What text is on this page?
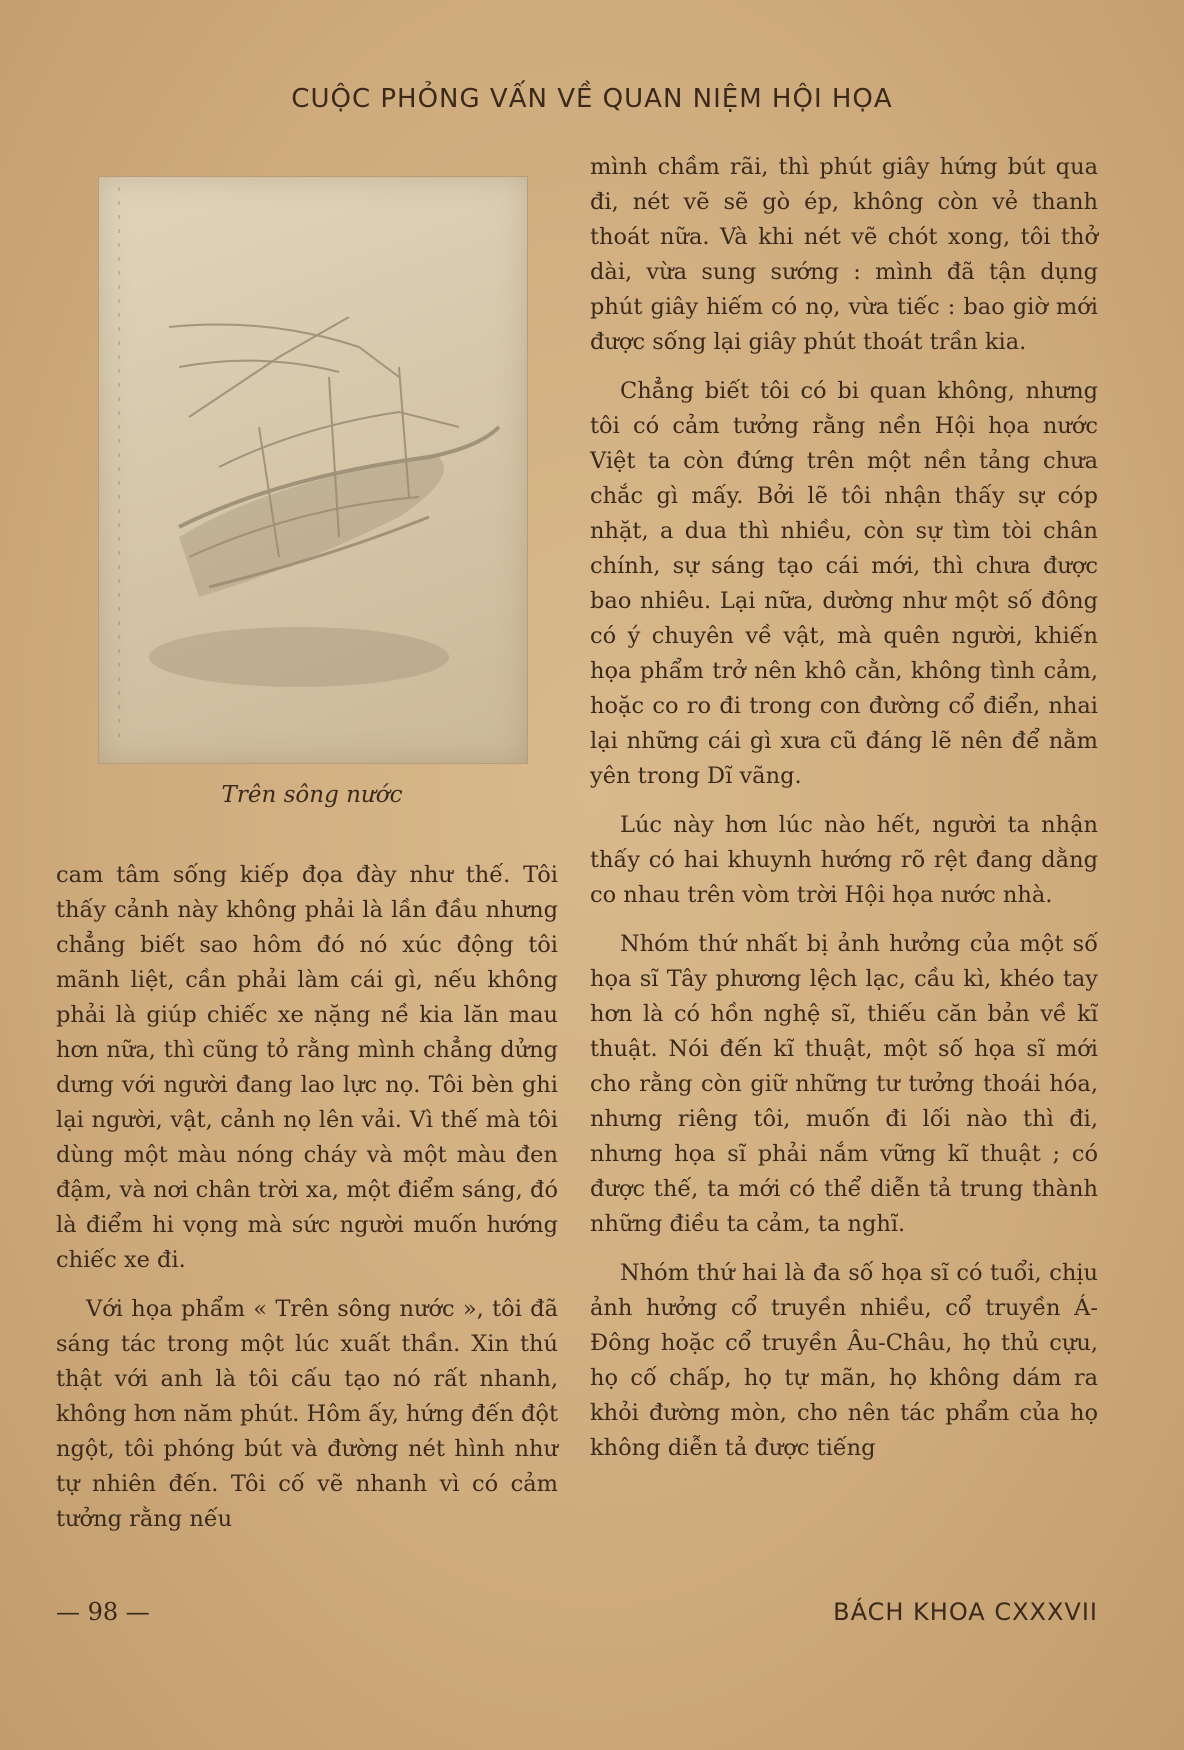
CUỘC PHỎNG VẤN VỀ QUAN NIỆM HỘI HỌA
Trên sông nước

cam tâm sống kiếp đọa đày như thế. Tôi thấy cảnh này không phải là lần đầu nhưng chẳng biết sao hôm đó nó xúc động tôi mãnh liệt, cần phải làm cái gì, nếu không phải là giúp chiếc xe nặng nề kia lăn mau hơn nữa, thì cũng tỏ rằng mình chẳng dửng dưng với người đang lao lực nọ. Tôi bèn ghi lại người, vật, cảnh nọ lên vải. Vì thế mà tôi dùng một màu nóng cháy và một màu đen đậm, và nơi chân trời xa, một điểm sáng, đó là điểm hi vọng mà sức người muốn hướng chiếc xe đi.

Với họa phẩm « Trên sông nước », tôi đã sáng tác trong một lúc xuất thần. Xin thú thật với anh là tôi cấu tạo nó rất nhanh, không hơn năm phút. Hôm ấy, hứng đến đột ngột, tôi phóng bút và đường nét hình như tự nhiên đến. Tôi cố vẽ nhanh vì có cảm tưởng rằng nếu

mình chầm rãi, thì phút giây hứng bút qua đi, nét vẽ sẽ gò ép, không còn vẻ thanh thoát nữa. Và khi nét vẽ chót xong, tôi thở dài, vừa sung sướng : mình đã tận dụng phút giây hiếm có nọ, vừa tiếc : bao giờ mới được sống lại giây phút thoát trần kia.

Chẳng biết tôi có bi quan không, nhưng tôi có cảm tưởng rằng nền Hội họa nước Việt ta còn đứng trên một nền tảng chưa chắc gì mấy. Bởi lẽ tôi nhận thấy sự cóp nhặt, a dua thì nhiều, còn sự tìm tòi chân chính, sự sáng tạo cái mới, thì chưa được bao nhiêu. Lại nữa, dường như một số đông có ý chuyên về vật, mà quên người, khiến họa phẩm trở nên khô cằn, không tình cảm, hoặc co ro đi trong con đường cổ điển, nhai lại những cái gì xưa cũ đáng lẽ nên để nằm yên trong Dĩ vãng.

Lúc này hơn lúc nào hết, người ta nhận thấy có hai khuynh hướng rõ rệt đang dằng co nhau trên vòm trời Hội họa nước nhà.

Nhóm thứ nhất bị ảnh hưởng của một số họa sĩ Tây phương lệch lạc, cầu kì, khéo tay hơn là có hồn nghệ sĩ, thiếu căn bản về kĩ thuật. Nói đến kĩ thuật, một số họa sĩ mới cho rằng còn giữ những tư tưởng thoái hóa, nhưng riêng tôi, muốn đi lối nào thì đi, nhưng họa sĩ phải nắm vững kĩ thuật ; có được thế, ta mới có thể diễn tả trung thành những điều ta cảm, ta nghĩ.

Nhóm thứ hai là đa số họa sĩ có tuổi, chịu ảnh hưởng cổ truyền nhiều, cổ truyền Á-Đông hoặc cổ truyền Âu-Châu, họ thủ cựu, họ cố chấp, họ tự mãn, họ không dám ra khỏi đường mòn, cho nên tác phẩm của họ không diễn tả được tiếng

— 98 —	BÁCH KHOA CXXXVII
